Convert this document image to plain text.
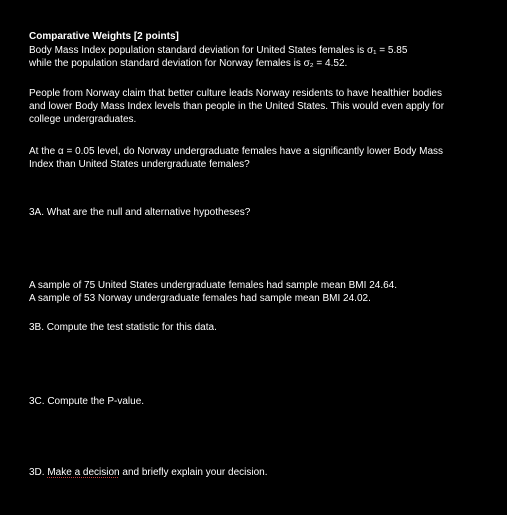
Comparative Weights [2 points]
Body Mass Index population standard deviation for United States females is σ₁ = 5.85
while the population standard deviation for Norway females is σ₂ = 4.52.
People from Norway claim that better culture leads Norway residents to have healthier bodies
and lower Body Mass Index levels than people in the United States. This would even apply for
college undergraduates.
At the α = 0.05 level, do Norway undergraduate females have a significantly lower Body Mass
Index than United States undergraduate females?
3A. What are the null and alternative hypotheses?
A sample of 75 United States undergraduate females had sample mean BMI 24.64.
A sample of 53 Norway undergraduate females had sample mean BMI 24.02.
3B. Compute the test statistic for this data.
3C. Compute the P-value.
3D. Make a decision and briefly explain your decision.
